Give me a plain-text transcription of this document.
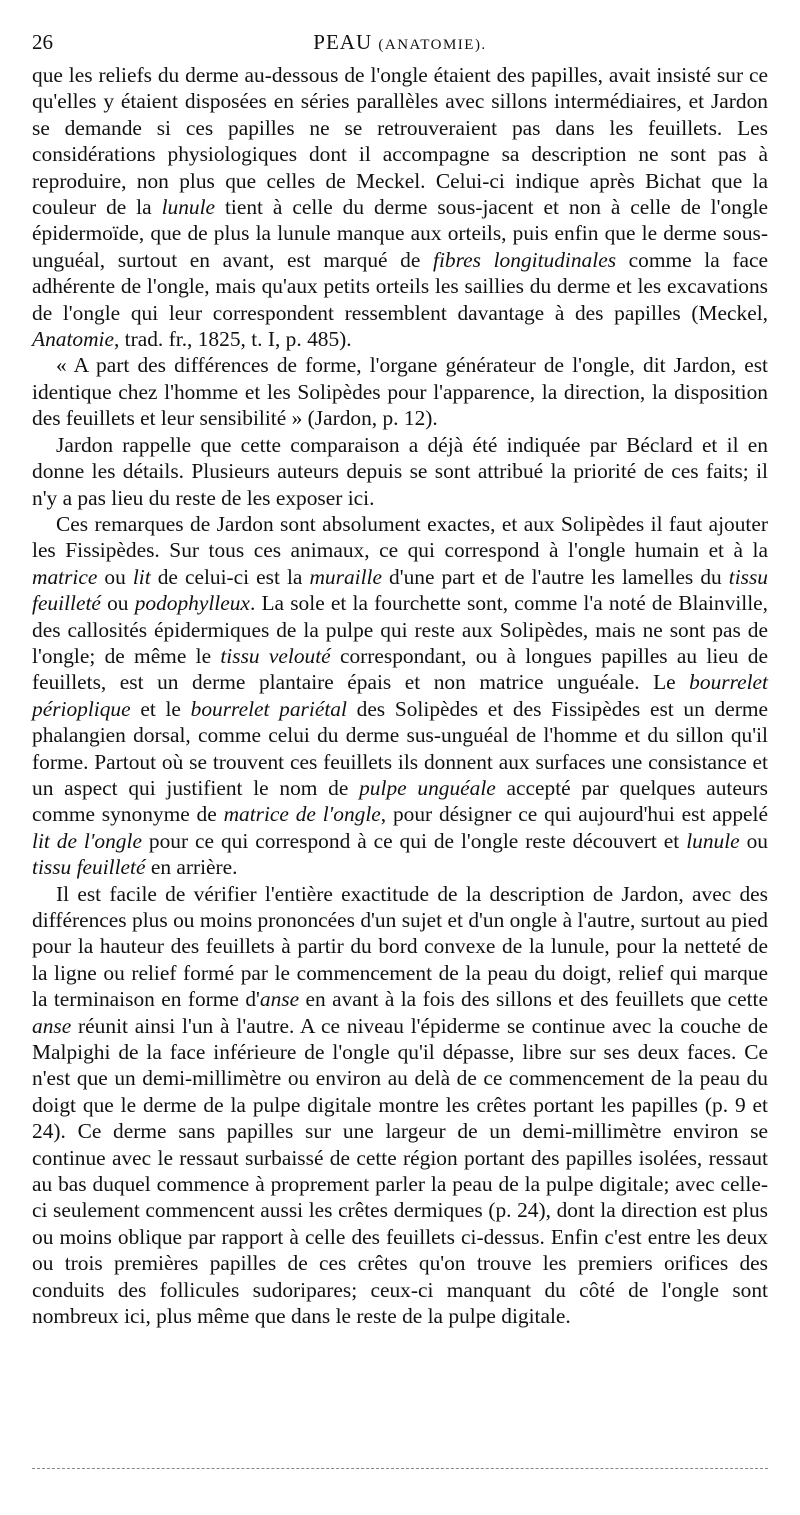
26	PEAU (ANATOMIE).

que les reliefs du derme au-dessous de l'ongle étaient des papilles, avait insisté sur ce qu'elles y étaient disposées en séries parallèles avec sillons intermédiaires, et Jardon se demande si ces papilles ne se retrouveraient pas dans les feuillets. Les considérations physiologiques dont il accompagne sa description ne sont pas à reproduire, non plus que celles de Meckel. Celui-ci indique après Bichat que la couleur de la lunule tient à celle du derme sous-jacent et non à celle de l'ongle épidermoïde, que de plus la lunule manque aux orteils, puis enfin que le derme sous-unguéal, surtout en avant, est marqué de fibres longitudinales comme la face adhérente de l'ongle, mais qu'aux petits orteils les saillies du derme et les excavations de l'ongle qui leur correspondent ressemblent davantage à des papilles (Meckel, Anatomie, trad. fr., 1825, t. I, p. 485).

« A part des différences de forme, l'organe générateur de l'ongle, dit Jardon, est identique chez l'homme et les Solipèdes pour l'apparence, la direction, la disposition des feuillets et leur sensibilité » (Jardon, p. 12).

Jardon rappelle que cette comparaison a déjà été indiquée par Béclard et il en donne les détails. Plusieurs auteurs depuis se sont attribué la priorité de ces faits; il n'y a pas lieu du reste de les exposer ici.

Ces remarques de Jardon sont absolument exactes, et aux Solipèdes il faut ajouter les Fissipèdes. Sur tous ces animaux, ce qui correspond à l'ongle humain et à la matrice ou lit de celui-ci est la muraille d'une part et de l'autre les lamelles du tissu feuilleté ou podophylleux. La sole et la fourchette sont, comme l'a noté de Blainville, des callosités épidermiques de la pulpe qui reste aux Solipèdes, mais ne sont pas de l'ongle; de même le tissu velouté correspondant, ou à longues papilles au lieu de feuillets, est un derme plantaire épais et non matrice unguéale. Le bourrelet périoplique et le bourrelet pariétal des Solipèdes et des Fissipèdes est un derme phalangien dorsal, comme celui du derme sus-unguéal de l'homme et du sillon qu'il forme. Partout où se trouvent ces feuillets ils donnent aux surfaces une consistance et un aspect qui justifient le nom de pulpe unguéale accepté par quelques auteurs comme synonyme de matrice de l'ongle, pour désigner ce qui aujourd'hui est appelé lit de l'ongle pour ce qui correspond à ce qui de l'ongle reste découvert et lunule ou tissu feuilleté en arrière.

Il est facile de vérifier l'entière exactitude de la description de Jardon, avec des différences plus ou moins prononcées d'un sujet et d'un ongle à l'autre, surtout au pied pour la hauteur des feuillets à partir du bord convexe de la lunule, pour la netteté de la ligne ou relief formé par le commencement de la peau du doigt, relief qui marque la terminaison en forme d'anse en avant à la fois des sillons et des feuillets que cette anse réunit ainsi l'un à l'autre. A ce niveau l'épiderme se continue avec la couche de Malpighi de la face inférieure de l'ongle qu'il dépasse, libre sur ses deux faces. Ce n'est que un demi-millimètre ou environ au delà de ce commencement de la peau du doigt que le derme de la pulpe digitale montre les crêtes portant les papilles (p. 9 et 24). Ce derme sans papilles sur une largeur de un demi-millimètre environ se continue avec le ressaut surbaissé de cette région portant des papilles isolées, ressaut au bas duquel commence à proprement parler la peau de la pulpe digitale; avec celle-ci seulement commencent aussi les crêtes dermiques (p. 24), dont la direction est plus ou moins oblique par rapport à celle des feuillets ci-dessus. Enfin c'est entre les deux ou trois premières papilles de ces crêtes qu'on trouve les premiers orifices des conduits des follicules sudoripares; ceux-ci manquant du côté de l'ongle sont nombreux ici, plus même que dans le reste de la pulpe digitale.
